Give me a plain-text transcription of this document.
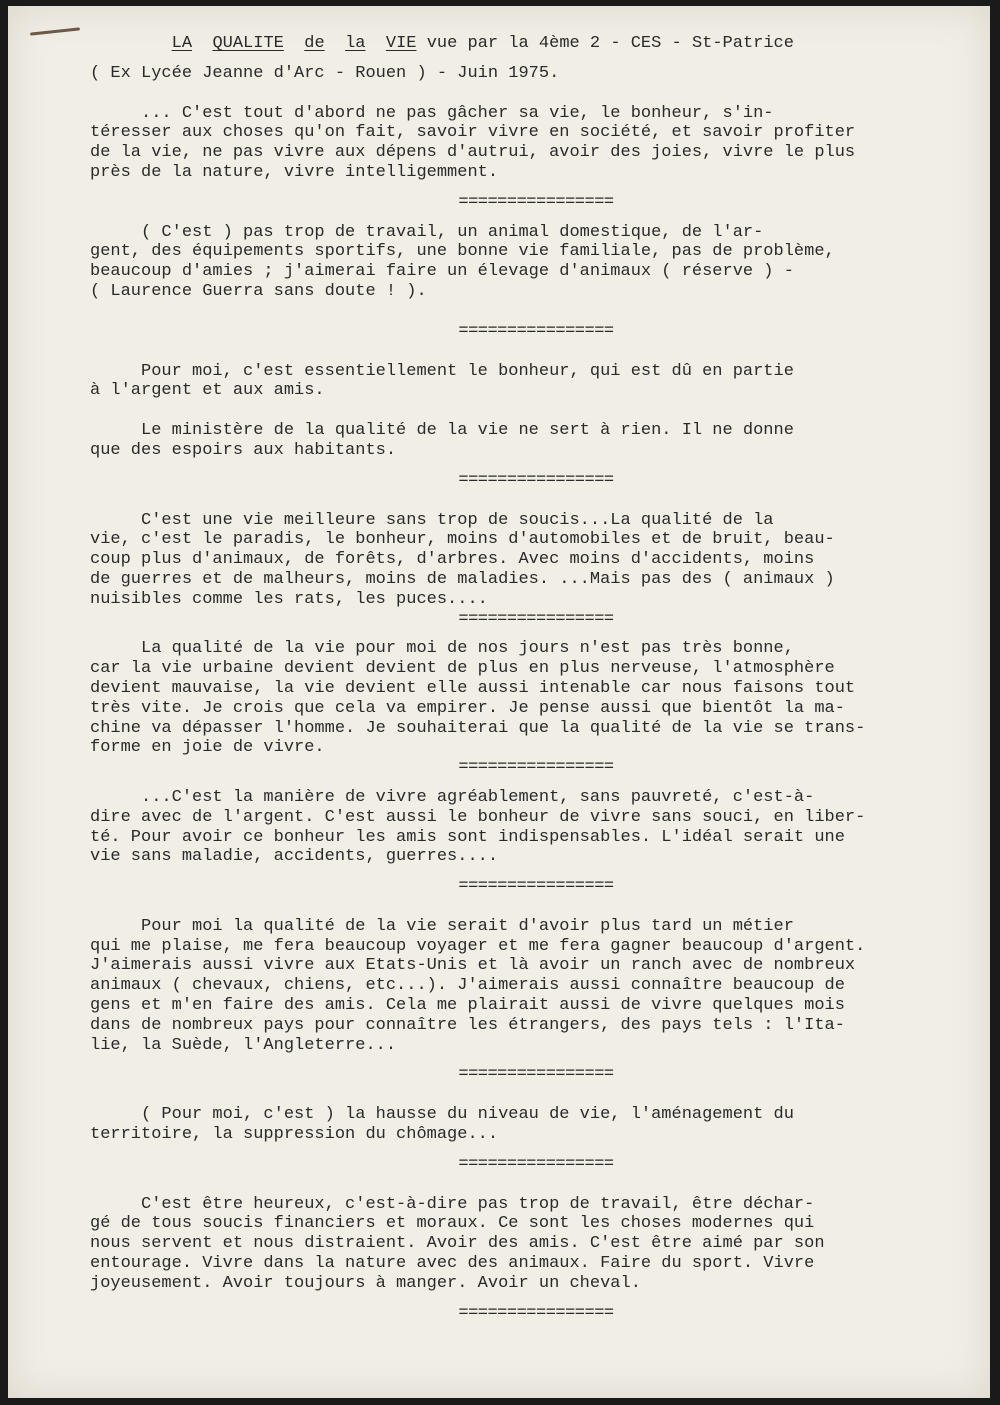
LA QUALITE de la VIE vue par la 4ème 2 - CES - St-Patrice

( Ex Lycée Jeanne d'Arc - Rouen ) - Juin 1975.

... C'est tout d'abord ne pas gâcher sa vie, le bonheur, s'in-

téresser aux choses qu'on fait, savoir vivre en société, et savoir profiter

de la vie, ne pas vivre aux dépens d'autrui, avoir des joies, vivre le plus

près de la nature, vivre intelligemment.

================

( C'est ) pas trop de travail, un animal domestique, de l'ar-

gent, des équipements sportifs, une bonne vie familiale, pas de problème,

beaucoup d'amies ; j'aimerai faire un élevage d'animaux ( réserve ) -

( Laurence Guerra sans doute ! ).

================

Pour moi, c'est essentiellement le bonheur, qui est dû en partie

à l'argent et aux amis.

Le ministère de la qualité de la vie ne sert à rien. Il ne donne

que des espoirs aux habitants.

================

C'est une vie meilleure sans trop de soucis...La qualité de la

vie, c'est le paradis, le bonheur, moins d'automobiles et de bruit, beau-

coup plus d'animaux, de forêts, d'arbres. Avec moins d'accidents, moins

de guerres et de malheurs, moins de maladies. ...Mais pas des ( animaux )

nuisibles comme les rats, les puces....

================

La qualité de la vie pour moi de nos jours n'est pas très bonne,

car la vie urbaine devient devient de plus en plus nerveuse, l'atmosphère

devient mauvaise, la vie devient elle aussi intenable car nous faisons tout

très vite. Je crois que cela va empirer. Je pense aussi que bientôt la ma-

chine va dépasser l'homme. Je souhaiterai que la qualité de la vie se trans-

forme en joie de vivre.

================

...C'est la manière de vivre agréablement, sans pauvreté, c'est-à-

dire avec de l'argent. C'est aussi le bonheur de vivre sans souci, en liber-

té. Pour avoir ce bonheur les amis sont indispensables. L'idéal serait une

vie sans maladie, accidents, guerres....

================

Pour moi la qualité de la vie serait d'avoir plus tard un métier

qui me plaise, me fera beaucoup voyager et me fera gagner beaucoup d'argent.

J'aimerais aussi vivre aux Etats-Unis et là avoir un ranch avec de nombreux

animaux ( chevaux, chiens, etc...). J'aimerais aussi connaître beaucoup de

gens et m'en faire des amis. Cela me plairait aussi de vivre quelques mois

dans de nombreux pays pour connaître les étrangers, des pays tels : l'Ita-

lie, la Suède, l'Angleterre...

================

( Pour moi, c'est ) la hausse du niveau de vie, l'aménagement du

territoire, la suppression du chômage...

================

C'est être heureux, c'est-à-dire pas trop de travail, être déchar-

gé de tous soucis financiers et moraux. Ce sont les choses modernes qui

nous servent et nous distraient. Avoir des amis. C'est être aimé par son

entourage. Vivre dans la nature avec des animaux. Faire du sport. Vivre

joyeusement. Avoir toujours à manger. Avoir un cheval.

================
